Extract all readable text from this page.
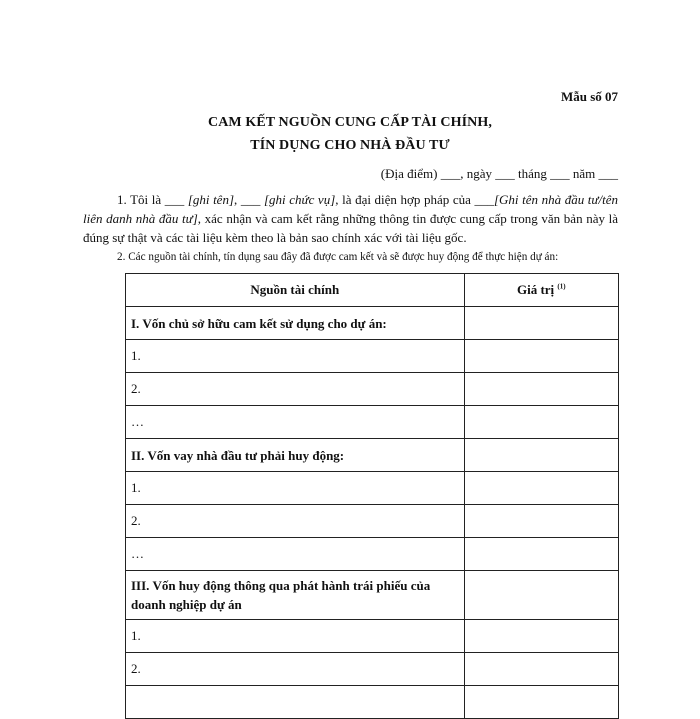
Mẫu số 07
CAM KẾT NGUỒN CUNG CẤP TÀI CHÍNH,
TÍN DỤNG CHO NHÀ ĐẦU TƯ
(Địa điểm) ___, ngày ___ tháng ___ năm ___
1. Tôi là ___ [ghi tên], ___ [ghi chức vụ], là đại diện hợp pháp của ___[Ghi tên nhà đầu tư/tên liên danh nhà đầu tư], xác nhận và cam kết rằng những thông tin được cung cấp trong văn bản này là đúng sự thật và các tài liệu kèm theo là bản sao chính xác với tài liệu gốc.
2. Các nguồn tài chính, tín dụng sau đây đã được cam kết và sẽ được huy động để thực hiện dự án:
Nguồn tài chính	Giá trị $^{(1)}$
I. Vốn chủ sở hữu cam kết sử dụng cho dự án:	
1.	
2.	
…	
II. Vốn vay nhà đầu tư phải huy động:	
1.	
2.	
…	
III. Vốn huy động thông qua phát hành trái phiếu của doanh nghiệp dự án	
1.	
2.	
